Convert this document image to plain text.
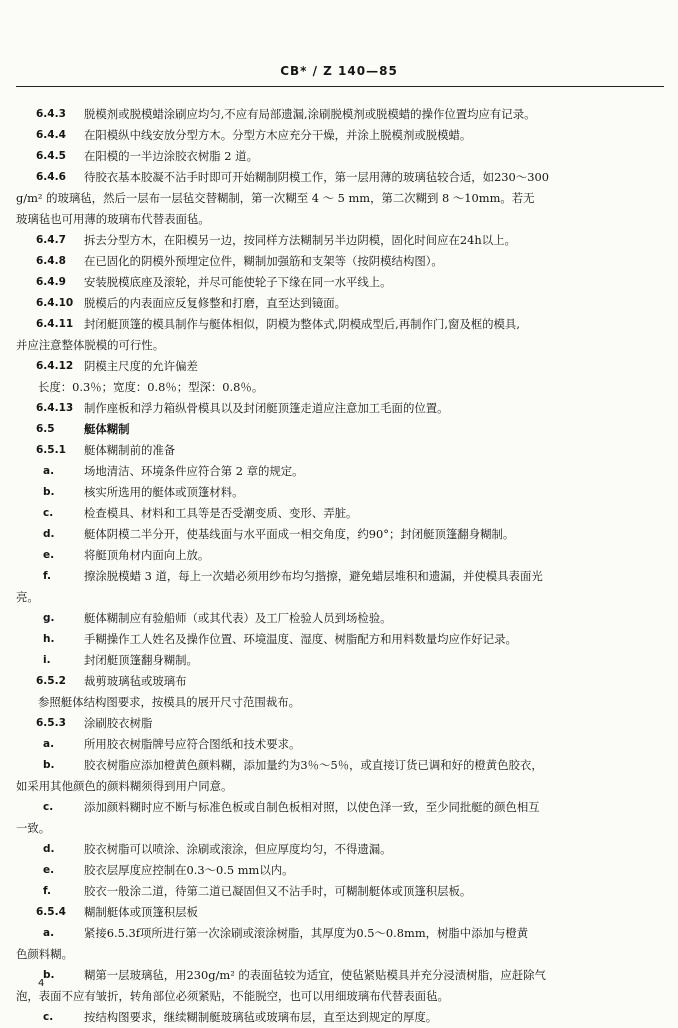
CB* / Z 140—85
6.4.3 脱模剂或脱模蜡涂刷应均匀,不应有局部遗漏,涂刷脱模剂或脱模蜡的操作位置均应有记录。
6.4.4 在阳模纵中线安放分型方木。分型方木应充分干燥，并涂上脱模剂或脱模蜡。
6.4.5 在阳模的一半边涂胶衣树脂 2 道。
6.4.6 待胶衣基本胶凝不沾手时即可开始糊制阴模工作，第一层用薄的玻璃毡较合适，如230～300
g/m² 的玻璃毡，然后一层布一层毡交替糊制，第一次糊至 4 ～ 5 mm，第二次糊到 8 ～10mm。若无
玻璃毡也可用薄的玻璃布代替表面毡。
6.4.7 拆去分型方木，在阳模另一边，按同样方法糊制另半边阴模，固化时间应在24h以上。
6.4.8 在已固化的阴模外预埋定位件，糊制加强筋和支架等（按阴模结构图）。
6.4.9 安装脱模底座及滚轮，并尽可能使轮子下缘在同一水平线上。
6.4.10 脱模后的内表面应反复修整和打磨，直至达到镜面。
6.4.11 封闭艇顶篷的模具制作与艇体相似，阴模为整体式,阴模成型后,再制作门,窗及框的模具,
并应注意整体脱模的可行性。
6.4.12 阴模主尺度的允许偏差
长度：0.3％；宽度：0.8％；型深：0.8％。
6.4.13 制作座板和浮力箱纵骨模具以及封闭艇顶篷走道应注意加工毛面的位置。
6.5	艇体糊制
6.5.1 艇体糊制前的准备
a.	场地清洁、环境条件应符合第 2 章的规定。
b.	核实所选用的艇体或顶篷材料。
c.	检查模具、材料和工具等是否受潮变质、变形、弄脏。
d.	艇体阴模二半分开，使基线面与水平面成一相交角度，约90°；封闭艇顶篷翻身糊制。
e.	将艇顶角材内面向上放。
f.	擦涂脱模蜡 3 道，每上一次蜡必须用纱布均匀揩擦，避免蜡层堆积和遗漏，并使模具表面光
亮。
g.	艇体糊制应有验船师（或其代表）及工厂检验人员到场检验。
h.	手糊操作工人姓名及操作位置、环境温度、湿度、树脂配方和用料数量均应作好记录。
i.	封闭艇顶篷翻身糊制。
6.5.2 裁剪玻璃毡或玻璃布
参照艇体结构图要求，按模具的展开尺寸范围裁布。
6.5.3 涂刷胶衣树脂
a.	所用胶衣树脂牌号应符合图纸和技术要求。
b.	胶衣树脂应添加橙黄色颜料糊，添加量约为3％～5％，或直接订货已调和好的橙黄色胶衣，
如采用其他颜色的颜料糊须得到用户同意。
c.	添加颜料糊时应不断与标准色板或自制色板相对照，以使色泽一致，至少同批艇的颜色相互
一致。
d.	胶衣树脂可以喷涂、涂刷或滚涂，但应厚度均匀，不得遗漏。
e.	胶衣层厚度应控制在0.3～0.5 mm以内。
f.	胶衣一般涂二道，待第二道已凝固但又不沾手时，可糊制艇体或顶篷积层板。
6.5.4 糊制艇体或顶篷积层板
a.	紧接6.5.3f项所进行第一次涂刷或滚涂树脂，其厚度为0.5～0.8mm，树脂中添加与橙黄
色颜料糊。
b.	糊第一层玻璃毡，用230g/m² 的表面毡较为适宜，使毡紧贴模具并充分浸渍树脂，应赶除气
泡，表面不应有皱折，转角部位必须紧贴，不能脱空，也可以用细玻璃布代替表面毡。
c.	按结构图要求，继续糊制艇玻璃毡或玻璃布层，直至达到规定的厚度。
4
